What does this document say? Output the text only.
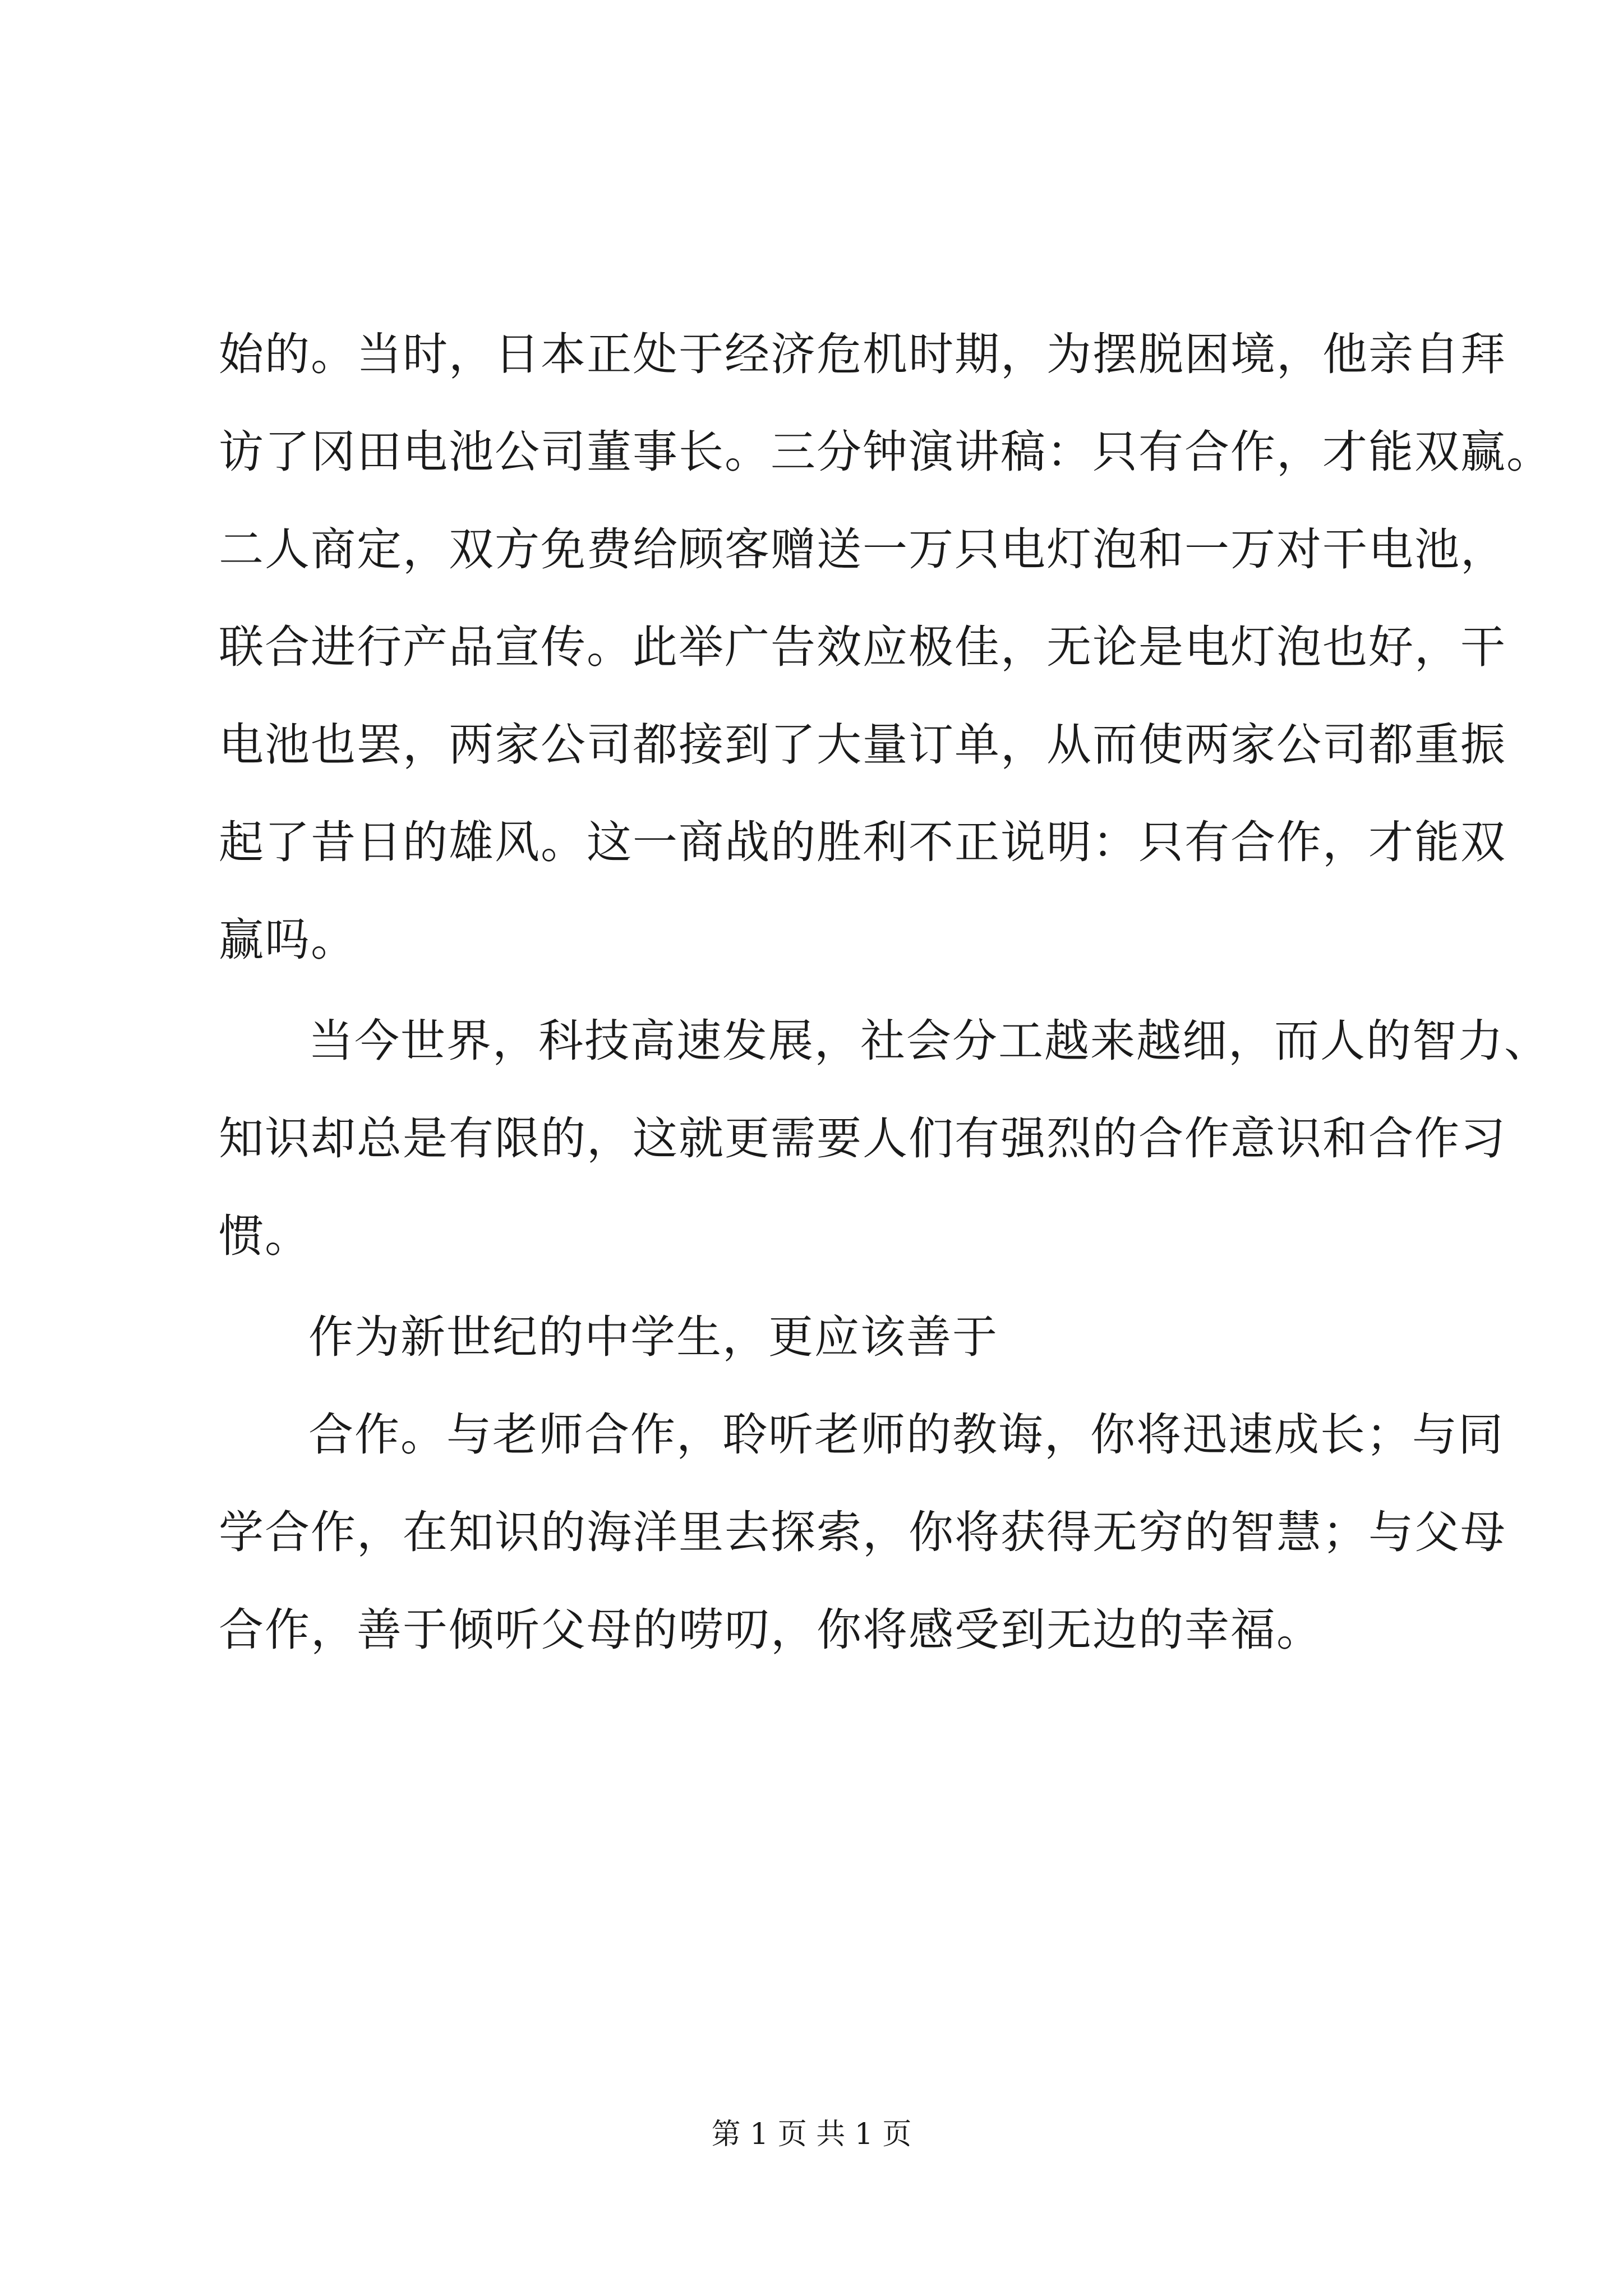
始的。当时，日本正处于经济危机时期，为摆脱困境，他亲自拜
访了冈田电池公司董事长。三分钟演讲稿：只有合作，才能双赢。
二人商定，双方免费给顾客赠送一万只电灯泡和一万对干电池，
联合进行产品宣传。此举广告效应极佳，无论是电灯泡也好，干
电池也罢，两家公司都接到了大量订单，从而使两家公司都重振
起了昔日的雄风。这一商战的胜利不正说明：只有合作，才能双
赢吗。
当今世界，科技高速发展，社会分工越来越细，而人的智力、
知识却总是有限的，这就更需要人们有强烈的合作意识和合作习
惯。
作为新世纪的中学生，更应该善于
合作。与老师合作，聆听老师的教诲，你将迅速成长；与同
学合作，在知识的海洋里去探索，你将获得无穷的智慧；与父母
合作，善于倾听父母的唠叨，你将感受到无边的幸福。
第 1 页 共 1 页
